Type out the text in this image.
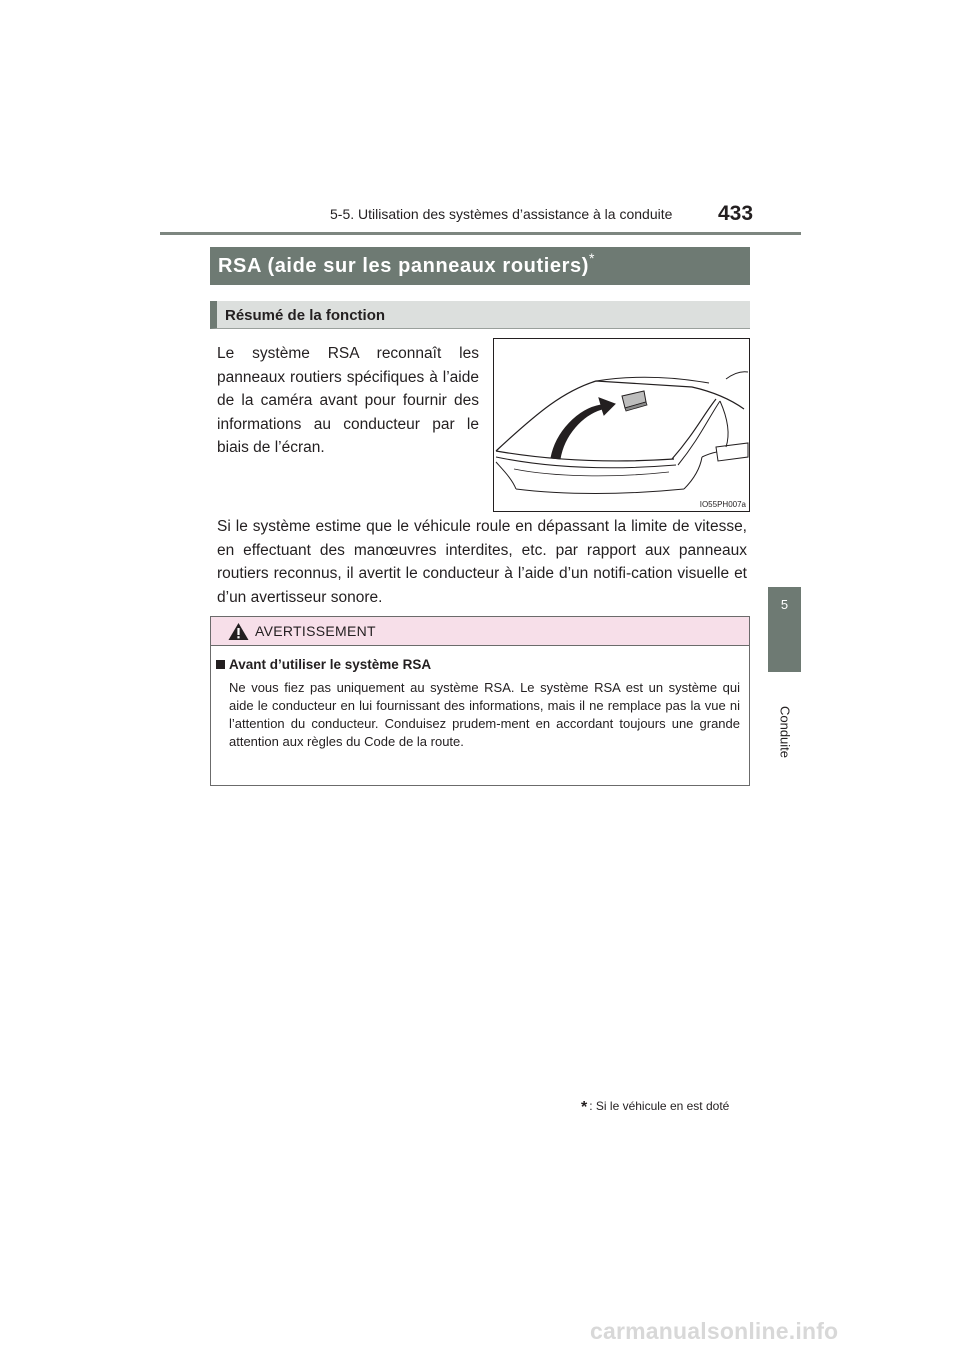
5-5. Utilisation des systèmes d’assistance à la conduite 433
5
Conduite
RSA (aide sur les panneaux routiers)*
Résumé de la fonction

Le système RSA reconnaît les panneaux routiers spécifiques à l’aide de la caméra avant pour fournir des informations au conducteur par le biais de l’écran.

IO55PH007a

Si le système estime que le véhicule roule en dépassant la limite de vitesse, en effectuant des manœuvres interdites, etc. par rapport aux panneaux routiers reconnus, il avertit le conducteur à l’aide d’un notifi-cation visuelle et d’un avertisseur sonore.

AVERTISSEMENT
Avant d’utiliser le système RSA

Ne vous fiez pas uniquement au système RSA. Le système RSA est un système qui aide le conducteur en lui fournissant des informations, mais il ne remplace pas la vue ni l’attention du conducteur. Conduisez prudem-ment en accordant toujours une grande attention aux règles du Code de la route.

* : Si le véhicule en est doté
carmanualsonline.info
